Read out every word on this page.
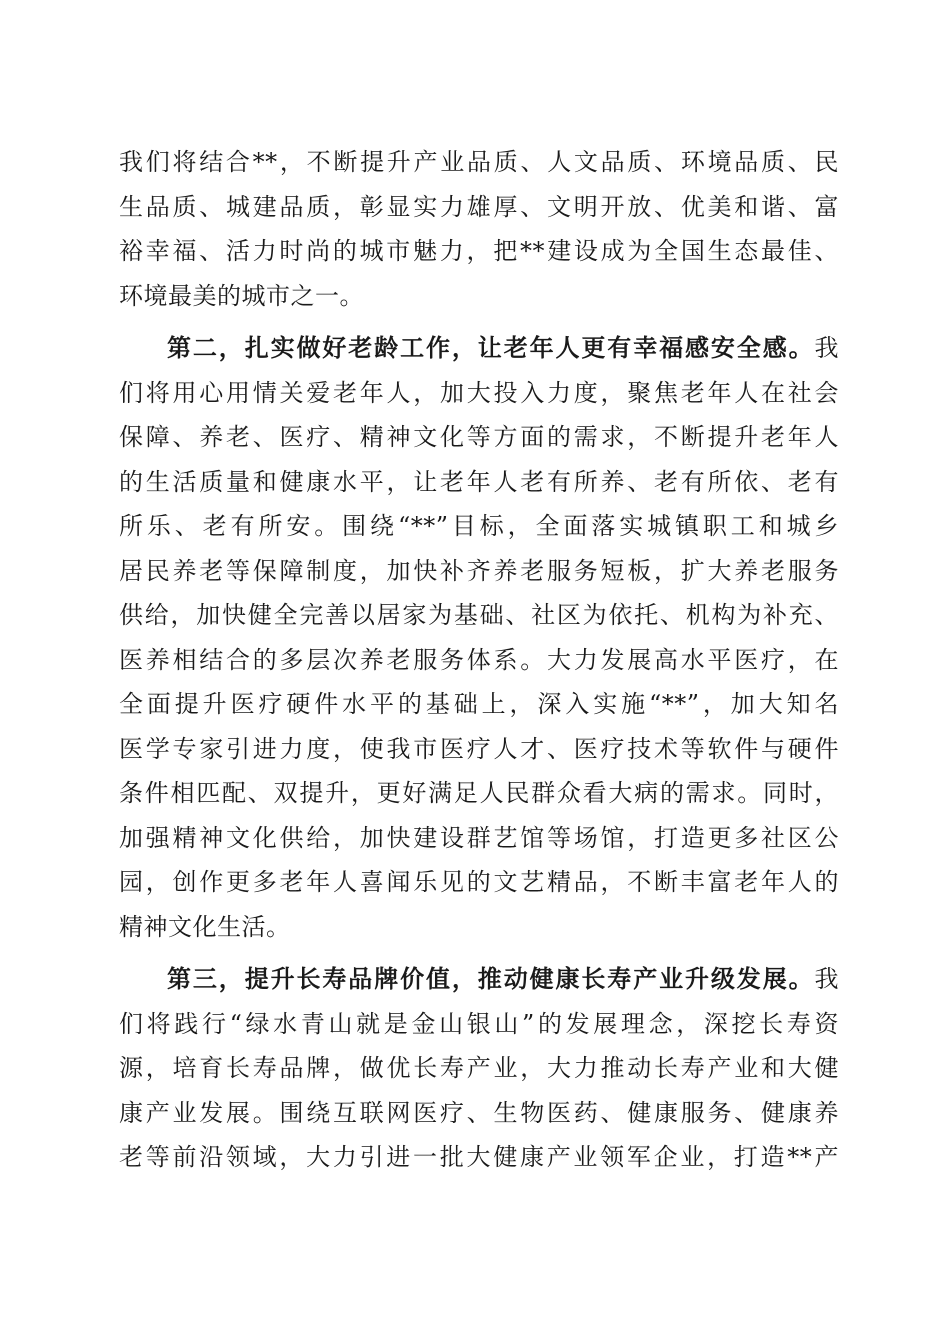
我们将结合**，不断提升产业品质、人文品质、环境品质、民
生品质、城建品质，彰显实力雄厚、文明开放、优美和谐、富
裕幸福、活力时尚的城市魅力，把**建设成为全国生态最佳、
环境最美的城市之一。
第二，扎实做好老龄工作，让老年人更有幸福感安全感。我
们将用心用情关爱老年人，加大投入力度，聚焦老年人在社会
保障、养老、医疗、精神文化等方面的需求，不断提升老年人
的生活质量和健康水平，让老年人老有所养、老有所依、老有
所乐、老有所安。围绕“**”目标，全面落实城镇职工和城乡
居民养老等保障制度，加快补齐养老服务短板，扩大养老服务
供给，加快健全完善以居家为基础、社区为依托、机构为补充、
医养相结合的多层次养老服务体系。大力发展高水平医疗，在
全面提升医疗硬件水平的基础上，深入实施“**”，加大知名
医学专家引进力度，使我市医疗人才、医疗技术等软件与硬件
条件相匹配、双提升，更好满足人民群众看大病的需求。同时，
加强精神文化供给，加快建设群艺馆等场馆，打造更多社区公
园，创作更多老年人喜闻乐见的文艺精品，不断丰富老年人的
精神文化生活。
第三，提升长寿品牌价值，推动健康长寿产业升级发展。我
们将践行“绿水青山就是金山银山”的发展理念，深挖长寿资
源，培育长寿品牌，做优长寿产业，大力推动长寿产业和大健
康产业发展。围绕互联网医疗、生物医药、健康服务、健康养
老等前沿领域，大力引进一批大健康产业领军企业，打造**产
